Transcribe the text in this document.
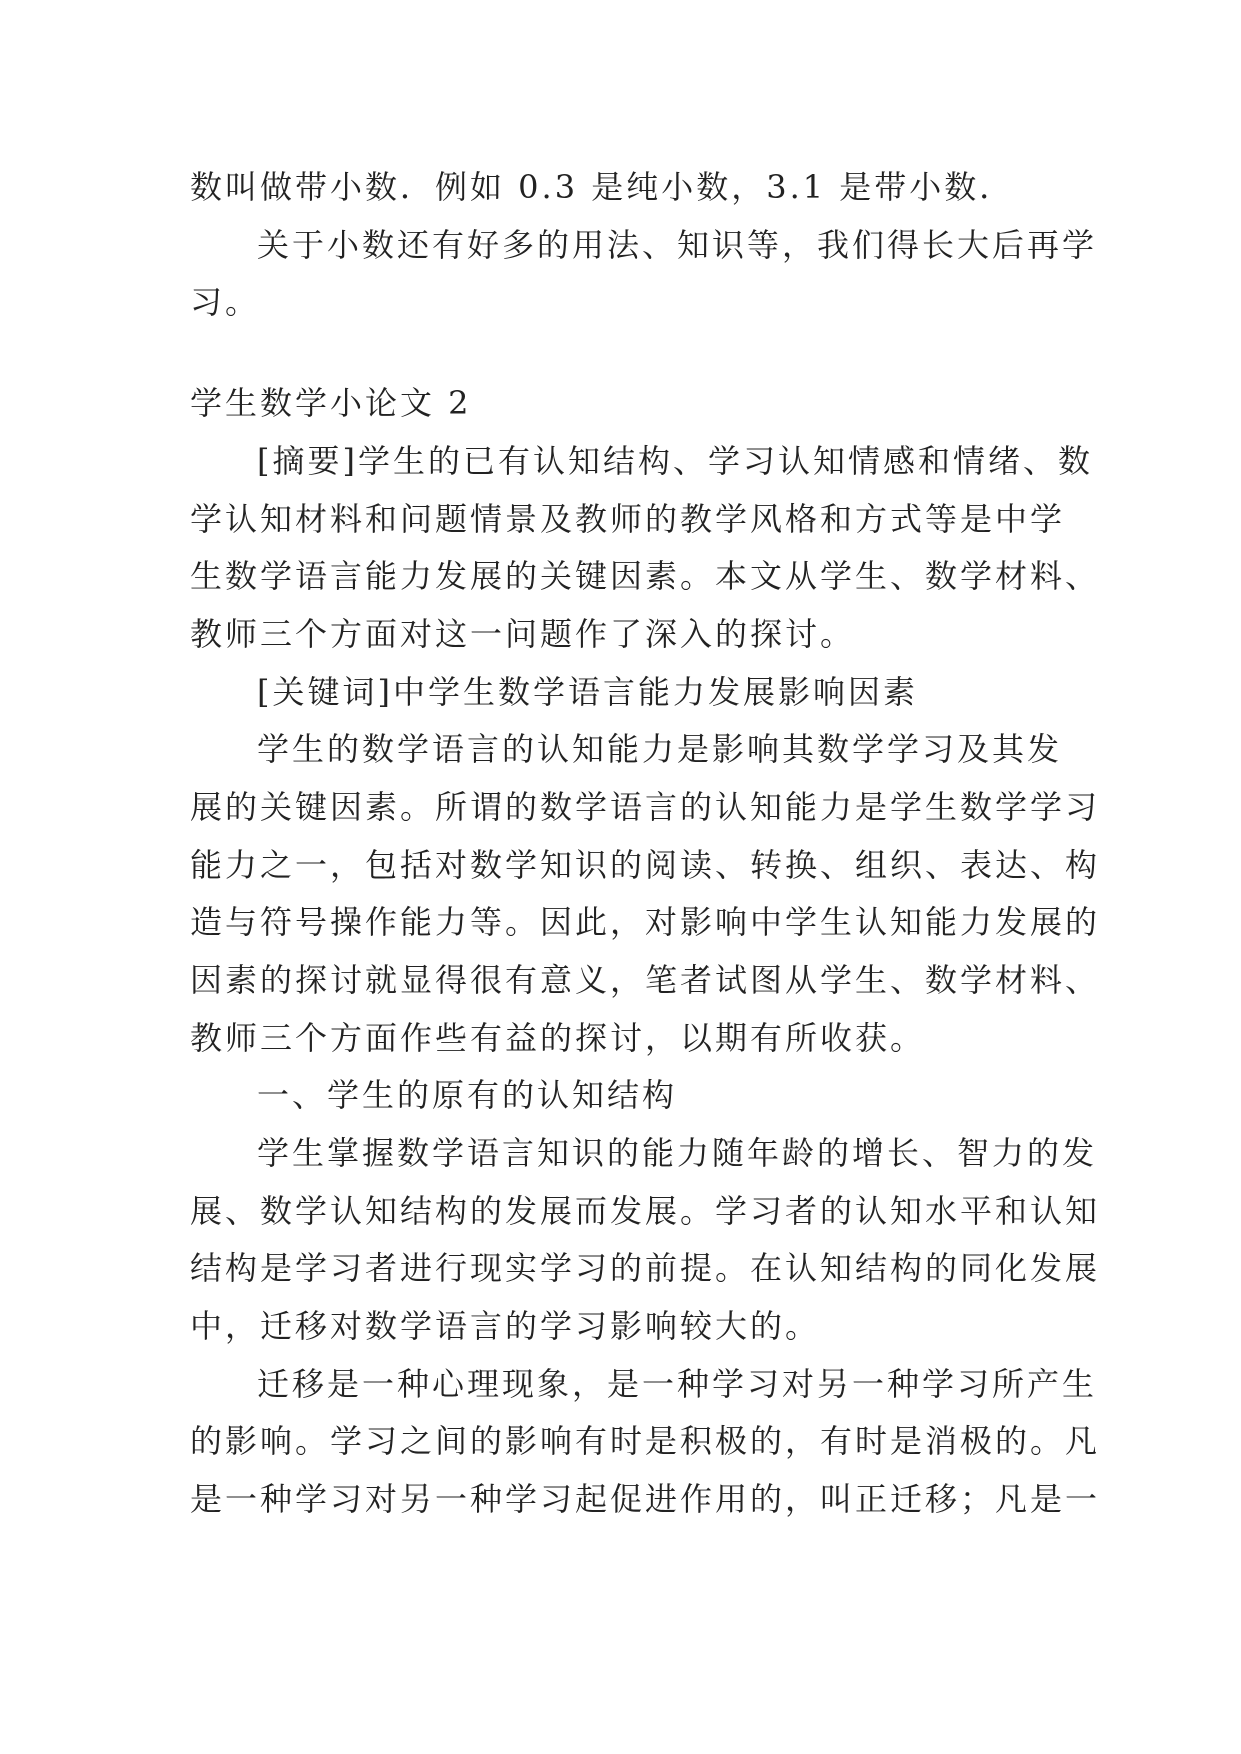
数叫做带小数．例如 0.3 是纯小数，3.1 是带小数．
关于小数还有好多的用法、知识等，我们得长大后再学
习。
学生数学小论文 2
[摘要]学生的已有认知结构、学习认知情感和情绪、数
学认知材料和问题情景及教师的教学风格和方式等是中学
生数学语言能力发展的关键因素。本文从学生、数学材料、
教师三个方面对这一问题作了深入的探讨。
[关键词]中学生数学语言能力发展影响因素
学生的数学语言的认知能力是影响其数学学习及其发
展的关键因素。所谓的数学语言的认知能力是学生数学学习
能力之一，包括对数学知识的阅读、转换、组织、表达、构
造与符号操作能力等。因此，对影响中学生认知能力发展的
因素的探讨就显得很有意义，笔者试图从学生、数学材料、
教师三个方面作些有益的探讨，以期有所收获。
一、学生的原有的认知结构
学生掌握数学语言知识的能力随年龄的增长、智力的发
展、数学认知结构的发展而发展。学习者的认知水平和认知
结构是学习者进行现实学习的前提。在认知结构的同化发展
中，迁移对数学语言的学习影响较大的。
迁移是一种心理现象，是一种学习对另一种学习所产生
的影响。学习之间的影响有时是积极的，有时是消极的。凡
是一种学习对另一种学习起促进作用的，叫正迁移；凡是一
